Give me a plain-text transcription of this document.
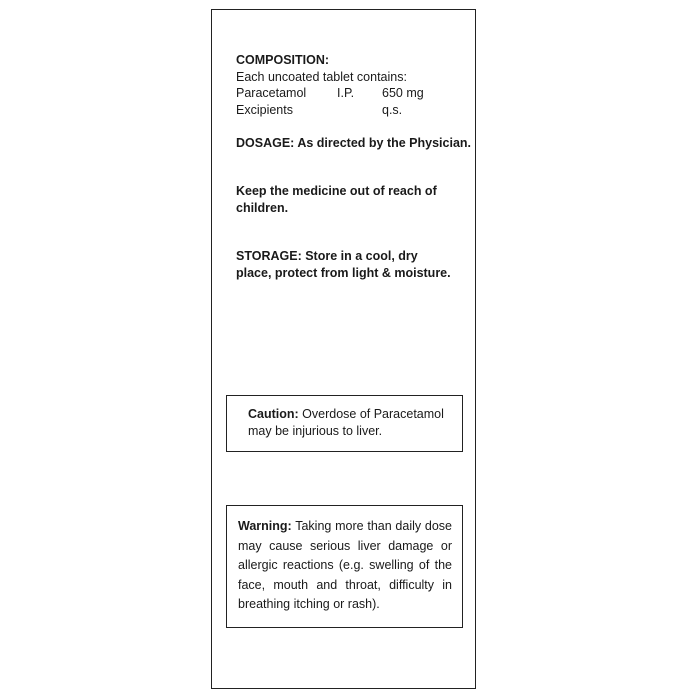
COMPOSITION:
Each uncoated tablet contains:
Paracetamol I.P. 650 mg
Excipients	q.s.
DOSAGE: As directed by the Physician.
Keep the medicine out of reach of children.
STORAGE: Store in a cool, dry place, protect from light & moisture.
Caution: Overdose of Paracetamol may be injurious to liver.
Warning: Taking more than daily dose may cause serious liver damage or allergic reactions (e.g. swelling of the face, mouth and throat, difficulty in breathing itching or rash).
